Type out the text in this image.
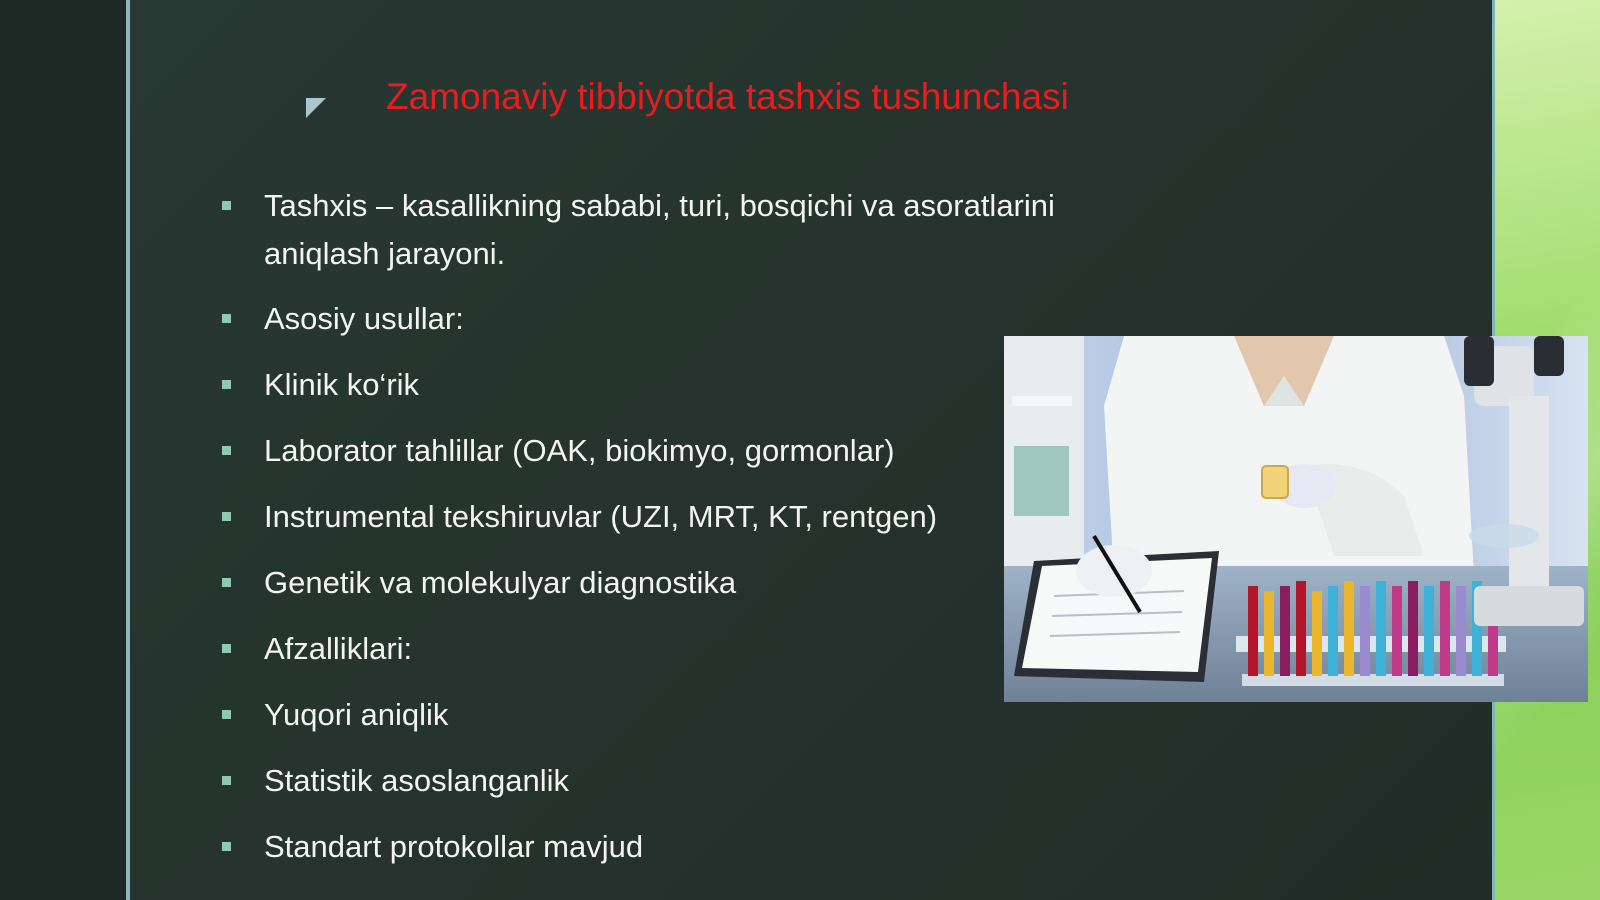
Zamonaviy tibbiyotda tashxis tushunchasi
Tashxis – kasallikning sababi, turi, bosqichi va asoratlarini aniqlash jarayoni.
Asosiy usullar:
Klinik ko‘rik
Laborator tahlillar (OAK, biokimyo, gormonlar)
Instrumental tekshiruvlar (UZI, MRT, KT, rentgen)
Genetik va molekulyar diagnostika
Afzalliklari:
Yuqori aniqlik
Statistik asoslanganlik
Standart protokollar mavjud
